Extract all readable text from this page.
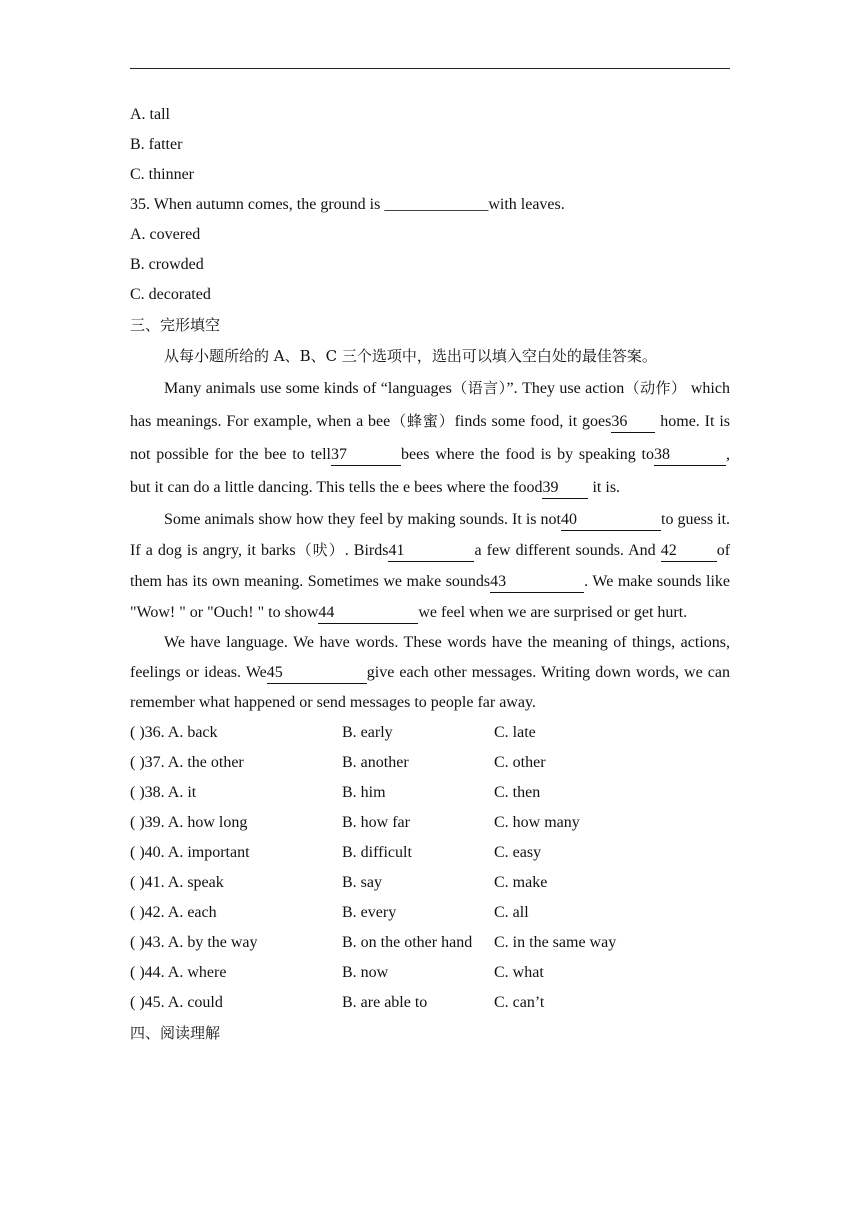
A. tall
B. fatter
C. thinner
35. When autumn comes, the ground is _____________with leaves.
A. covered
B. crowded
C. decorated
三、完形填空
从每小题所给的 A、B、C 三个选项中，选出可以填入空白处的最佳答案。

Many animals use some kinds of “languages（语言）”. They use action（动作） which has meanings. For example, when a bee（蜂蜜）finds some food, it goes36 home. It is not possible for the bee to tell37	bees where the food is by speaking to38	, but it can do a little dancing. This tells the e bees where the food39 it is.

Some animals show how they feel by making sounds. It is not40	to guess it. If a dog is angry, it barks（吠）. Birds41	a few different sounds. And 42	of them has its own meaning. Sometimes we make sounds43	. We make sounds like "Wow! " or "Ouch! " to show44	we feel when we are surprised or get hurt.

We have language. We have words. These words have the meaning of things, actions, feelings or ideas. We45	give each other messages. Writing down words, we can remember what happened or send messages to people far away.

( )36. A. back	B. early	C. late
( )37. A. the other	B. another	C. other
( )38. A. it	B. him	C. then
( )39. A. how long	B. how far	C. how many
( )40. A. important	B. difficult	C. easy
( )41. A. speak	B. say	C. make
( )42. A. each	B. every	C. all
( )43. A. by the way	B. on the other hand C. in the same way
( )44. A. where	B. now	C. what
( )45. A. could	B. are able to	C. can’t
四、阅读理解
